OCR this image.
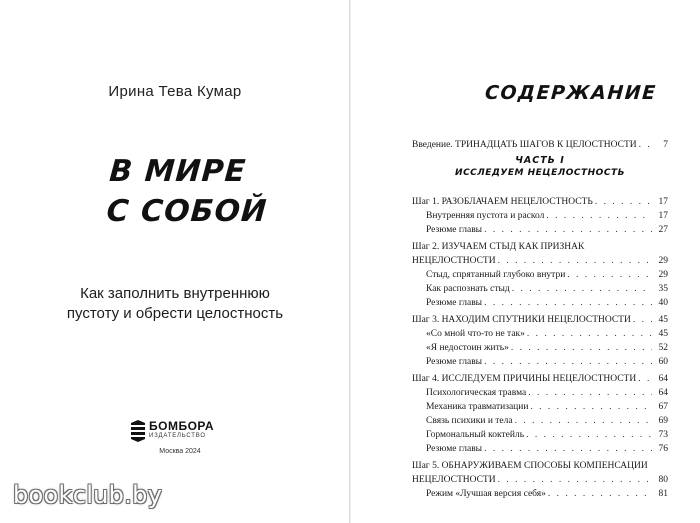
Ирина Тева Кумар
В МИРЕ
С СОБОЙ
Как заполнить внутреннюю
пустоту и обрести целостность
БОМБОРА
ИЗДАТЕЛЬСТВО
Москва 2024
СОДЕРЖАНИЕ
Введение. ТРИНАДЦАТЬ ШАГОВ К ЦЕЛОСТНОСТИ . . .	7
ЧАСТЬ I
ИССЛЕДУЕМ НЕЦЕЛОСТНОСТЬ
Шаг 1. РАЗОБЛАЧАЕМ НЕЦЕЛОСТНОСТЬ . . .	17
Внутренняя пустота и раскол . . .	17
Резюме главы . . .	27
Шаг 2. ИЗУЧАЕМ СТЫД КАК ПРИЗНАК
НЕЦЕЛОСТНОСТИ . . .	29
Стыд, спрятанный глубоко внутри . . .	29
Как распознать стыд . . .	35
Резюме главы . . .	40
Шаг 3. НАХОДИМ СПУТНИКИ НЕЦЕЛОСТНОСТИ . . .	45
«Со мной что-то не так» . . .	45
«Я недостоин жить» . . .	52
Резюме главы . . .	60
Шаг 4. ИССЛЕДУЕМ ПРИЧИНЫ НЕЦЕЛОСТНОСТИ . . .	64
Психологическая травма . . .	64
Механика травматизации . . .	67
Связь психики и тела . . .	69
Гормональный коктейль . . .	73
Резюме главы . . .	76
Шаг 5. ОБНАРУЖИВАЕМ СПОСОБЫ КОМПЕНСАЦИИ
НЕЦЕЛОСТНОСТИ . . .	80
Режим «Лучшая версия себя» . . .	81
bookclub.by
